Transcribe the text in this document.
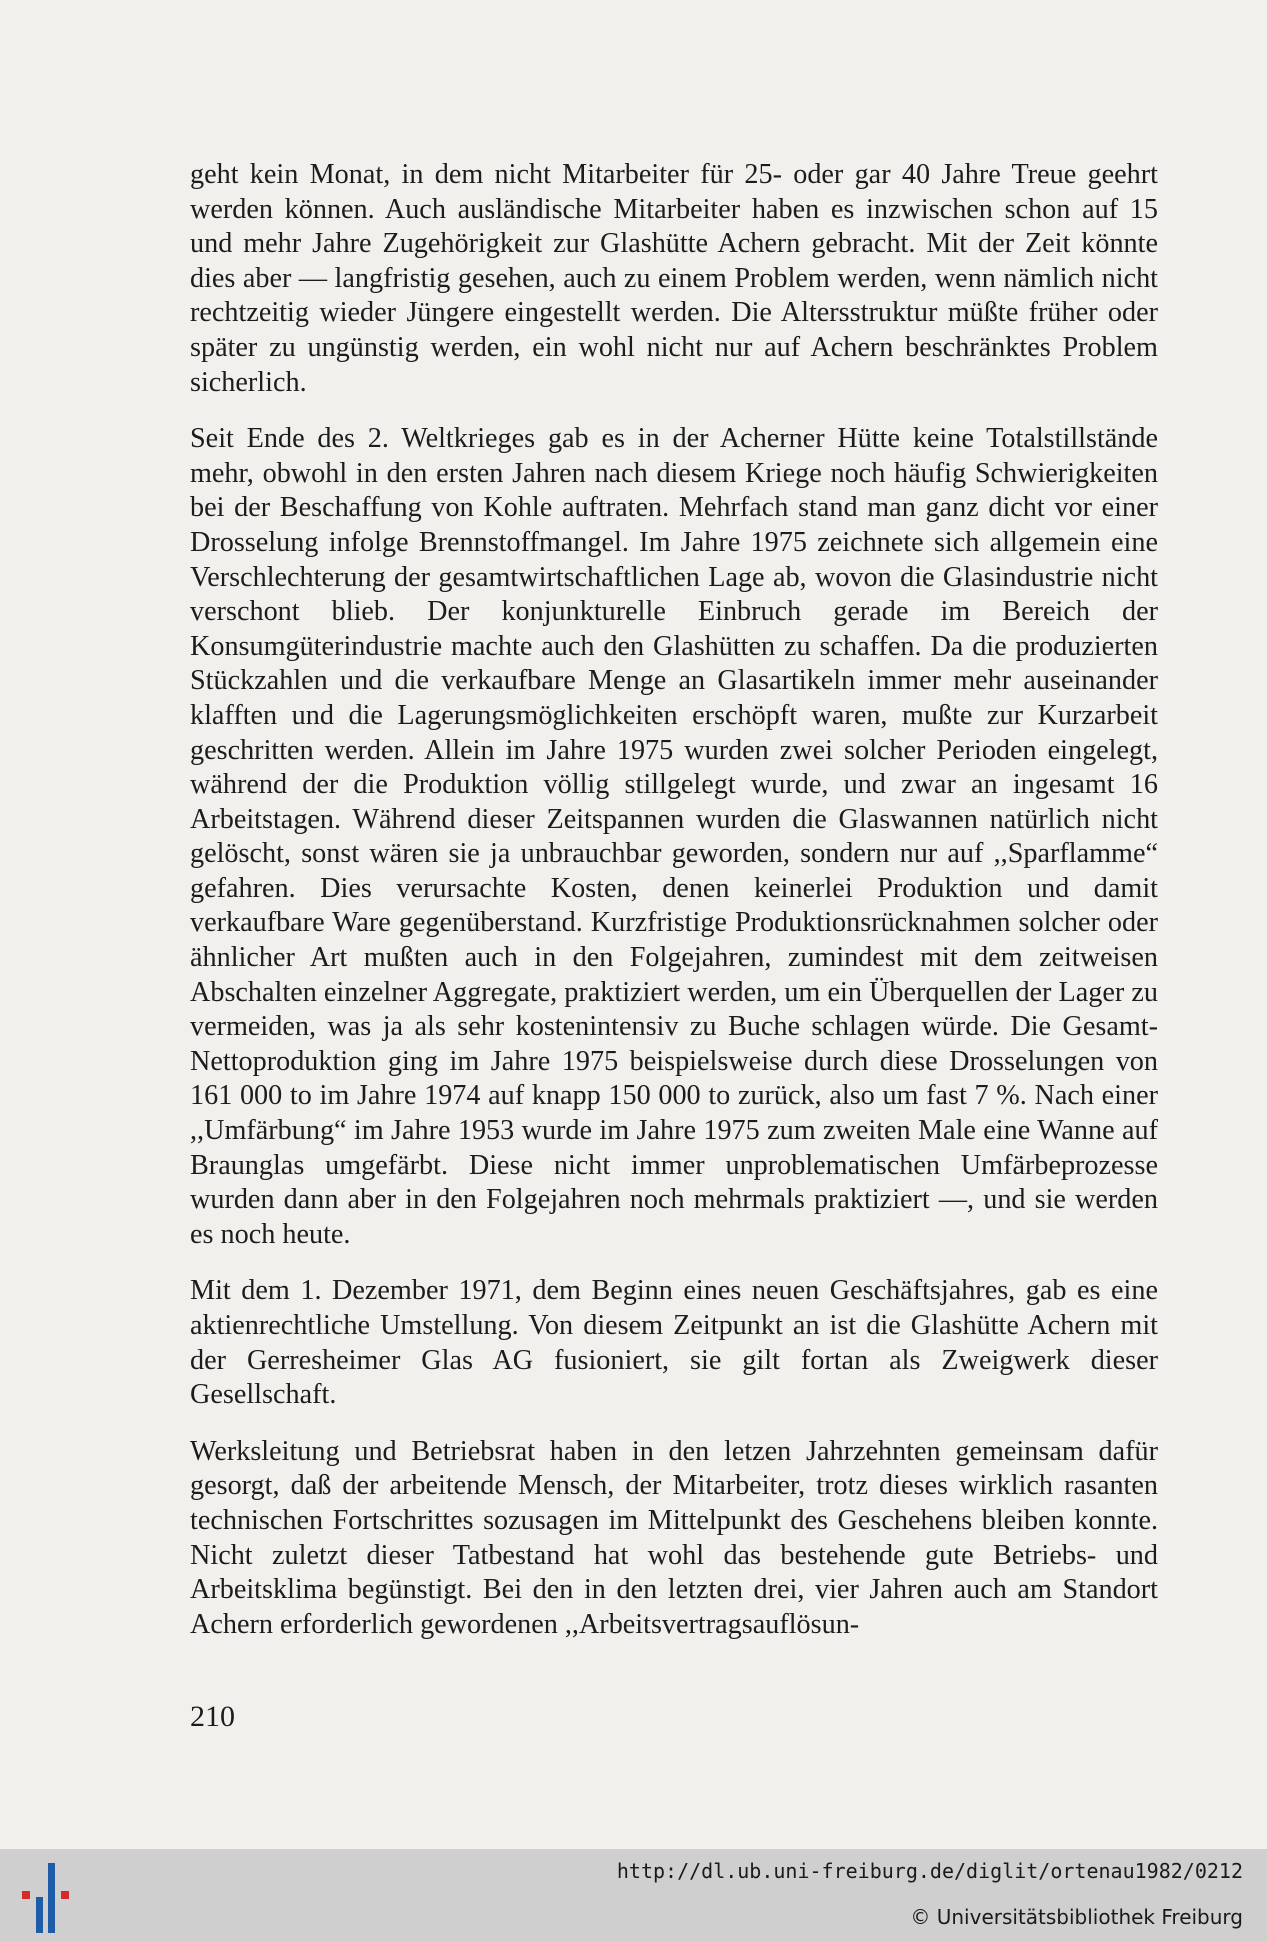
geht kein Monat, in dem nicht Mitarbeiter für 25- oder gar 40 Jahre Treue geehrt werden können. Auch ausländische Mitarbeiter haben es inzwischen schon auf 15 und mehr Jahre Zugehörigkeit zur Glashütte Achern gebracht. Mit der Zeit könnte dies aber — langfristig gesehen, auch zu einem Problem werden, wenn nämlich nicht rechtzeitig wieder Jüngere eingestellt werden. Die Altersstruktur müßte früher oder später zu ungünstig werden, ein wohl nicht nur auf Achern beschränktes Problem sicherlich.

Seit Ende des 2. Weltkrieges gab es in der Acherner Hütte keine Totalstillstände mehr, obwohl in den ersten Jahren nach diesem Kriege noch häufig Schwierigkeiten bei der Beschaffung von Kohle auftraten. Mehrfach stand man ganz dicht vor einer Drosselung infolge Brennstoffmangel. Im Jahre 1975 zeichnete sich allgemein eine Verschlechterung der gesamtwirtschaftlichen Lage ab, wovon die Glasindustrie nicht verschont blieb. Der konjunkturelle Einbruch gerade im Bereich der Konsumgüterindustrie machte auch den Glashütten zu schaffen. Da die produzierten Stückzahlen und die verkaufbare Menge an Glasartikeln immer mehr auseinander klafften und die Lagerungsmöglichkeiten erschöpft waren, mußte zur Kurzarbeit geschritten werden. Allein im Jahre 1975 wurden zwei solcher Perioden eingelegt, während der die Produktion völlig stillgelegt wurde, und zwar an ingesamt 16 Arbeitstagen. Während dieser Zeitspannen wurden die Glaswannen natürlich nicht gelöscht, sonst wären sie ja unbrauchbar geworden, sondern nur auf ,,Sparflamme“ gefahren. Dies verursachte Kosten, denen keinerlei Produktion und damit verkaufbare Ware gegenüberstand. Kurzfristige Produktionsrücknahmen solcher oder ähnlicher Art mußten auch in den Folgejahren, zumindest mit dem zeitweisen Abschalten einzelner Aggregate, praktiziert werden, um ein Überquellen der Lager zu vermeiden, was ja als sehr kostenintensiv zu Buche schlagen würde. Die Gesamt-Nettoproduktion ging im Jahre 1975 beispielsweise durch diese Drosselungen von 161 000 to im Jahre 1974 auf knapp 150 000 to zurück, also um fast 7 %. Nach einer ,,Umfärbung“ im Jahre 1953 wurde im Jahre 1975 zum zweiten Male eine Wanne auf Braunglas umgefärbt. Diese nicht immer unproblematischen Umfärbeprozesse wurden dann aber in den Folgejahren noch mehrmals praktiziert —, und sie werden es noch heute.

Mit dem 1. Dezember 1971, dem Beginn eines neuen Geschäftsjahres, gab es eine aktienrechtliche Umstellung. Von diesem Zeitpunkt an ist die Glashütte Achern mit der Gerresheimer Glas AG fusioniert, sie gilt fortan als Zweigwerk dieser Gesellschaft.

Werksleitung und Betriebsrat haben in den letzen Jahrzehnten gemeinsam dafür gesorgt, daß der arbeitende Mensch, der Mitarbeiter, trotz dieses wirklich rasanten technischen Fortschrittes sozusagen im Mittelpunkt des Geschehens bleiben konnte. Nicht zuletzt dieser Tatbestand hat wohl das bestehende gute Betriebs- und Arbeitsklima begünstigt. Bei den in den letzten drei, vier Jahren auch am Standort Achern erforderlich gewordenen ,,Arbeitsvertragsauflösun-

210
http://dl.ub.uni-freiburg.de/diglit/ortenau1982/0212
© Universitätsbibliothek Freiburg
